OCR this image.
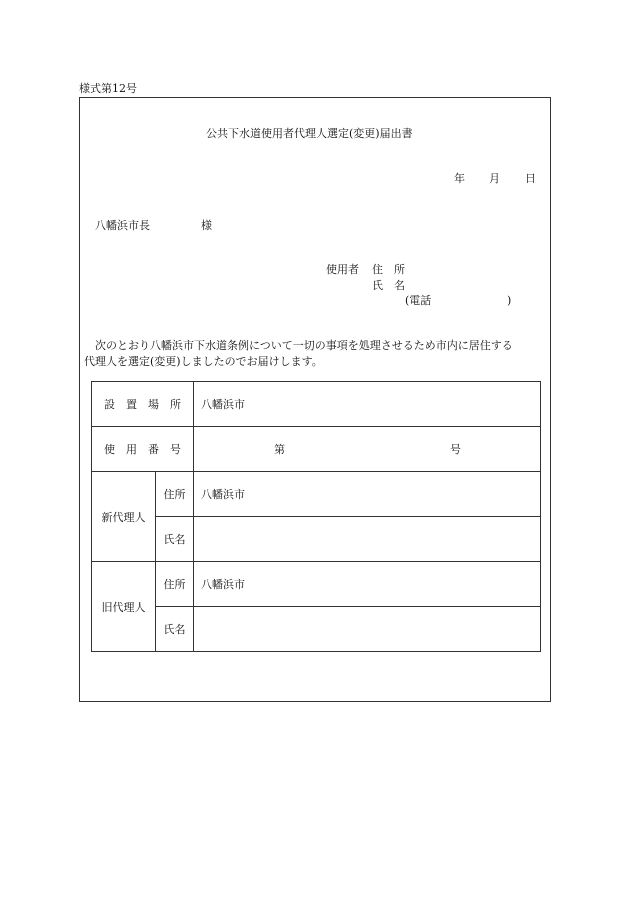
様式第12号
公共下水道使用者代理人選定(変更)届出書
年 月 日
八幡浜市長	様
使用者 住　所
氏　名
(電話	)
　次のとおり八幡浜市下水道条例について一切の事項を処理させるため市内に居住する
代理人を選定(変更)しましたのでお届けします。
設　置　場　所		八幡浜市
使　用　番　号		第 号

新代理人	住所	八幡浜市
	氏名	
旧代理人	住所	八幡浜市
	氏名	
